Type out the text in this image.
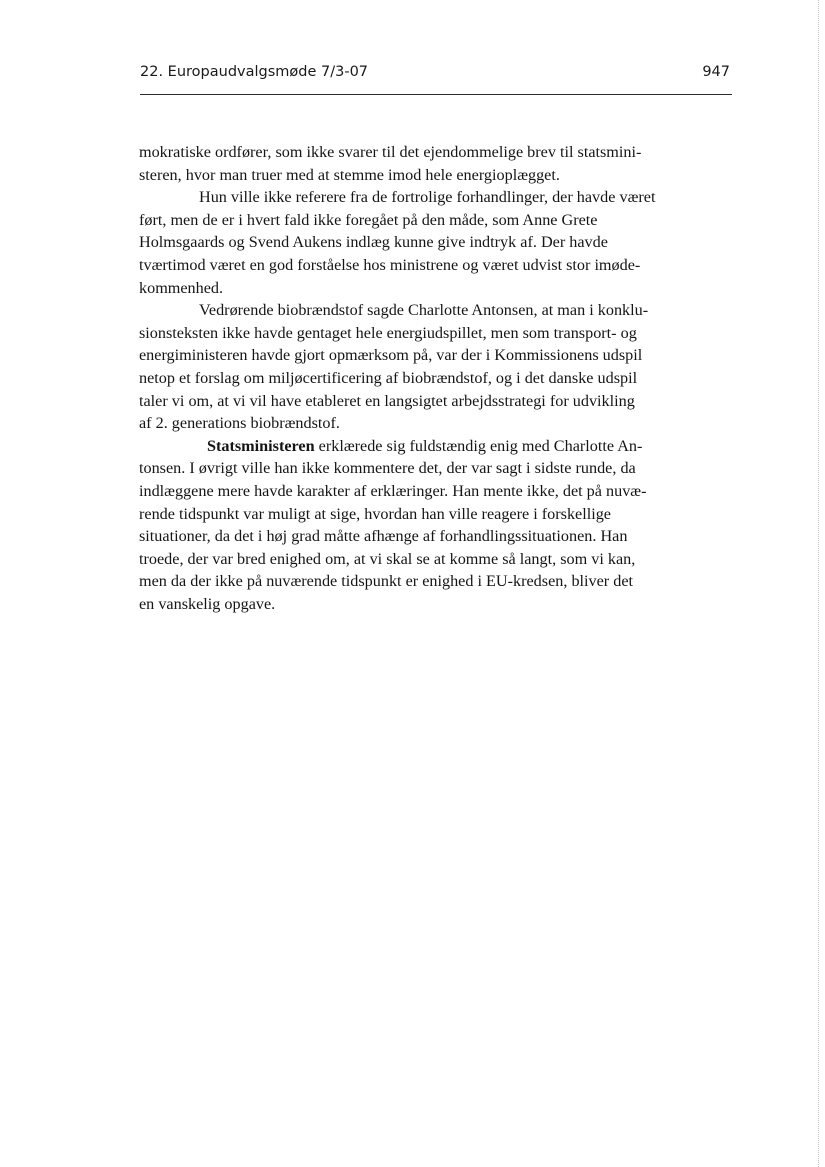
22. Europaudvalgsmøde 7/3-07	947
mokratiske ordfører, som ikke svarer til det ejendommelige brev til statsmini-
steren, hvor man truer med at stemme imod hele energioplægget.
Hun ville ikke referere fra de fortrolige forhandlinger, der havde været
ført, men de er i hvert fald ikke foregået på den måde, som Anne Grete
Holmsgaards og Svend Aukens indlæg kunne give indtryk af. Der havde
tværtimod været en god forståelse hos ministrene og været udvist stor imøde-
kommenhed.
Vedrørende biobrændstof sagde Charlotte Antonsen, at man i konklu-
sionsteksten ikke havde gentaget hele energiudspillet, men som transport- og
energiministeren havde gjort opmærksom på, var der i Kommissionens udspil
netop et forslag om miljøcertificering af biobrændstof, og i det danske udspil
taler vi om, at vi vil have etableret en langsigtet arbejdsstrategi for udvikling
af 2. generations biobrændstof.
Statsministeren erklærede sig fuldstændig enig med Charlotte An-
tonsen. I øvrigt ville han ikke kommentere det, der var sagt i sidste runde, da
indlæggene mere havde karakter af erklæringer. Han mente ikke, det på nuvæ-
rende tidspunkt var muligt at sige, hvordan han ville reagere i forskellige
situationer, da det i høj grad måtte afhænge af forhandlingssituationen. Han
troede, der var bred enighed om, at vi skal se at komme så langt, som vi kan,
men da der ikke på nuværende tidspunkt er enighed i EU-kredsen, bliver det
en vanskelig opgave.
